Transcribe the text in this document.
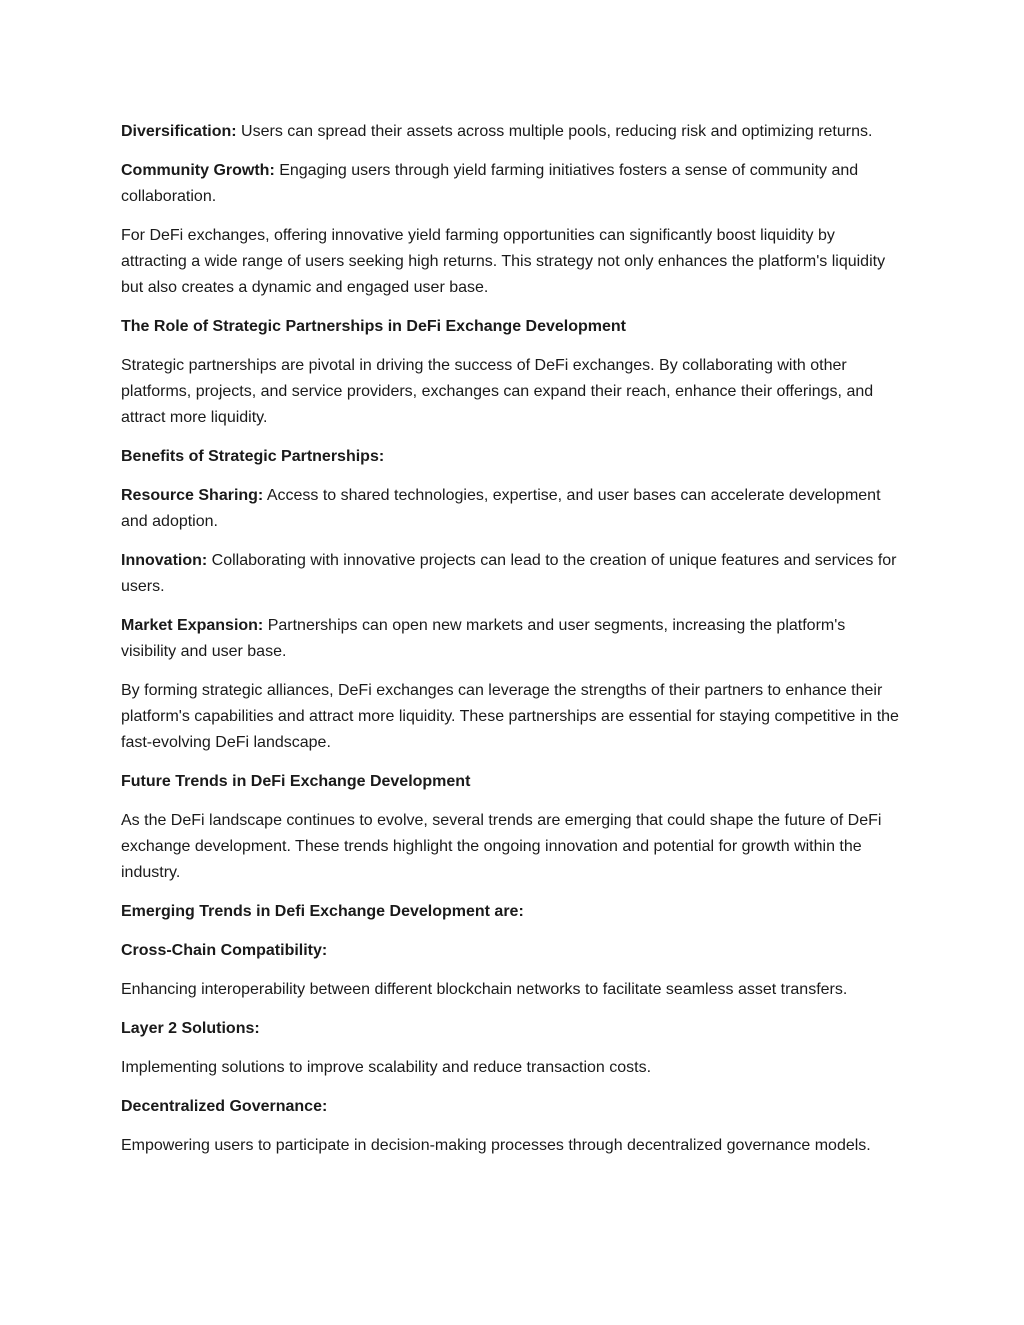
Diversification: Users can spread their assets across multiple pools, reducing risk and optimizing returns.

Community Growth: Engaging users through yield farming initiatives fosters a sense of community and collaboration.

For DeFi exchanges, offering innovative yield farming opportunities can significantly boost liquidity by attracting a wide range of users seeking high returns. This strategy not only enhances the platform's liquidity but also creates a dynamic and engaged user base.

The Role of Strategic Partnerships in DeFi Exchange Development

Strategic partnerships are pivotal in driving the success of DeFi exchanges. By collaborating with other platforms, projects, and service providers, exchanges can expand their reach, enhance their offerings, and attract more liquidity.

Benefits of Strategic Partnerships:

Resource Sharing: Access to shared technologies, expertise, and user bases can accelerate development and adoption.

Innovation: Collaborating with innovative projects can lead to the creation of unique features and services for users.

Market Expansion: Partnerships can open new markets and user segments, increasing the platform's visibility and user base.

By forming strategic alliances, DeFi exchanges can leverage the strengths of their partners to enhance their platform's capabilities and attract more liquidity. These partnerships are essential for staying competitive in the fast-evolving DeFi landscape.

Future Trends in DeFi Exchange Development

As the DeFi landscape continues to evolve, several trends are emerging that could shape the future of DeFi exchange development. These trends highlight the ongoing innovation and potential for growth within the industry.

Emerging Trends in Defi Exchange Development are:

Cross-Chain Compatibility:

Enhancing interoperability between different blockchain networks to facilitate seamless asset transfers.

Layer 2 Solutions:

Implementing solutions to improve scalability and reduce transaction costs.

Decentralized Governance:

Empowering users to participate in decision-making processes through decentralized governance models.
